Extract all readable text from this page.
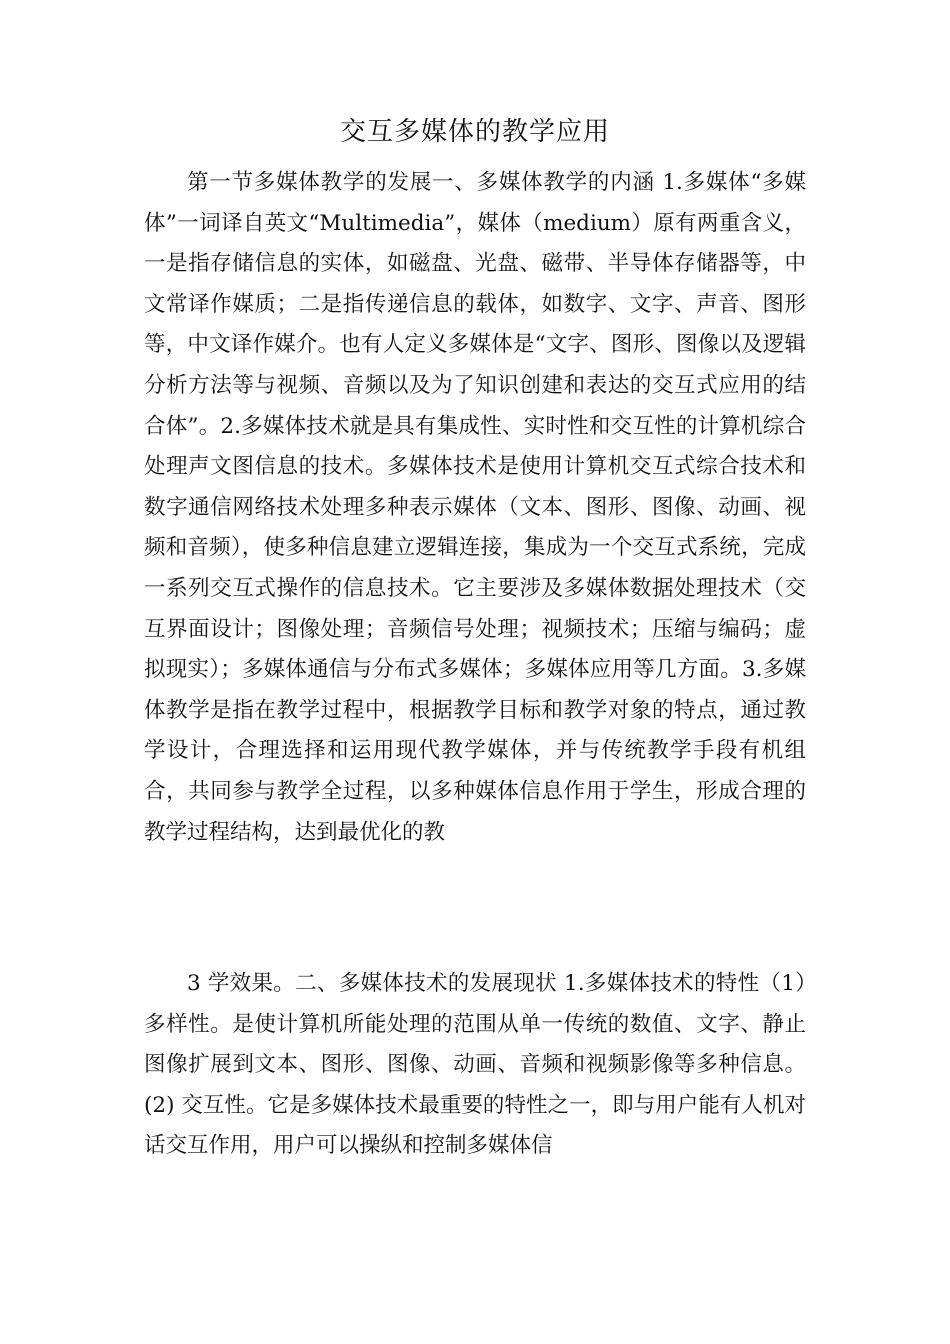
交互多媒体的教学应用

第一节多媒体教学的发展一、多媒体教学的内涵 1.多媒体“多媒体”一词译自英文“Multimedia”，媒体（medium）原有两重含义，一是指存储信息的实体，如磁盘、光盘、磁带、半导体存储器等，中文常译作媒质；二是指传递信息的载体，如数字、文字、声音、图形等，中文译作媒介。也有人定义多媒体是“文字、图形、图像以及逻辑分析方法等与视频、音频以及为了知识创建和表达的交互式应用的结合体”。2.多媒体技术就是具有集成性、实时性和交互性的计算机综合处理声文图信息的技术。多媒体技术是使用计算机交互式综合技术和数字通信网络技术处理多种表示媒体（文本、图形、图像、动画、视频和音频），使多种信息建立逻辑连接，集成为一个交互式系统，完成一系列交互式操作的信息技术。它主要涉及多媒体数据处理技术（交互界面设计；图像处理；音频信号处理；视频技术；压缩与编码；虚拟现实）；多媒体通信与分布式多媒体；多媒体应用等几方面。3.多媒体教学是指在教学过程中，根据教学目标和教学对象的特点，通过教学设计，合理选择和运用现代教学媒体，并与传统教学手段有机组合，共同参与教学全过程，以多种媒体信息作用于学生，形成合理的教学过程结构，达到最优化的教

3 学效果。二、多媒体技术的发展现状 1.多媒体技术的特性（1）多样性。是使计算机所能处理的范围从单一传统的数值、文字、静止图像扩展到文本、图形、图像、动画、音频和视频影像等多种信息。(2) 交互性。它是多媒体技术最重要的特性之一，即与用户能有人机对话交互作用，用户可以操纵和控制多媒体信
